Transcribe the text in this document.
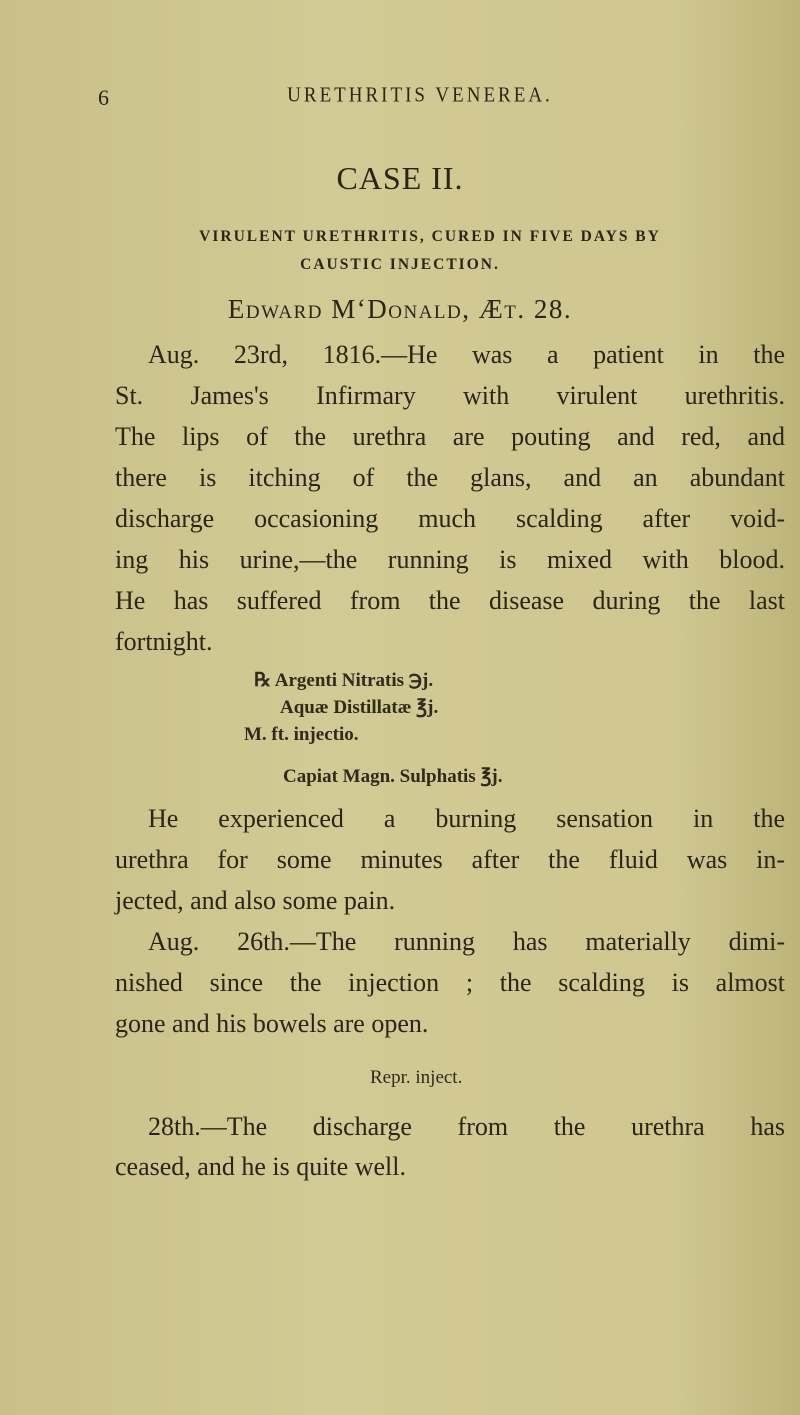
6	URETHRITIS VENEREA.
CASE II.
VIRULENT URETHRITIS, CURED IN FIVE DAYS BY
CAUSTIC INJECTION.
Edward M‘Donald, Æt. 28.
Aug. 23rd, 1816.—He was a patient in the
St. James's Infirmary with virulent urethritis.
The lips of the urethra are pouting and red, and
there is itching of the glans, and an abundant
discharge occasioning much scalding after void-
ing his urine,—the running is mixed with blood.
He has suffered from the disease during the last
fortnight.
℞ Argenti Nitratis ℈j.
Aquæ Distillatæ ℥j.
M. ft. injectio.
Capiat Magn. Sulphatis ℥j.
He experienced a burning sensation in the
urethra for some minutes after the fluid was in-
jected, and also some pain.
Aug. 26th.—The running has materially dimi-
nished since the injection ; the scalding is almost
gone and his bowels are open.
Repr. inject.
28th.—The discharge from the urethra has
ceased, and he is quite well.
